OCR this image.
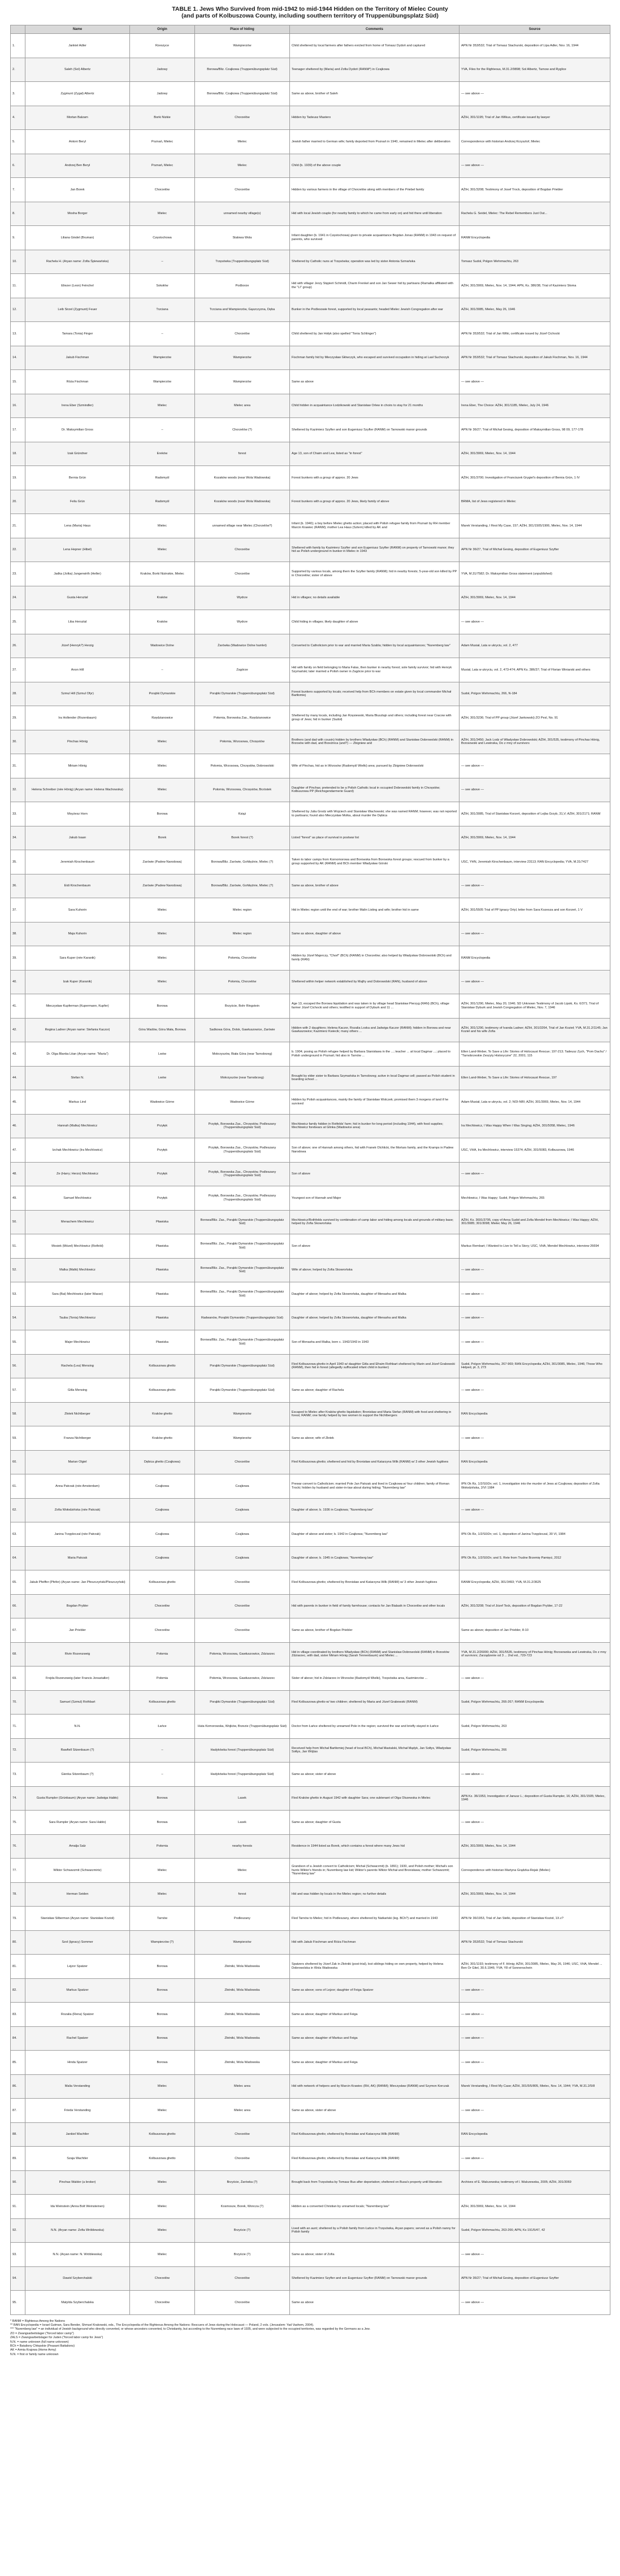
TABLE 1. Jews Who Survived from mid-1942 to mid-1944 Hidden on the Territory of Mielec County
(and parts of Kolbuszowa County, including southern territory of Truppenübungsplatz Süd)
	Name	Origin	Place of hiding	Comments	Source
1.	Jankiel Adler	Rzeszyce	Wampierzów	Child sheltered by local farmers after fathers evicted from home of Tomasz Dydoń and captured	APN Nr 353/532; Trial of Tomasz Stachurski, deposition of Lipa Adler, Nov. 16, 1944
2.	Saleh (Sol) Albertz	Jadowy	Borowa/Bliz. Czajkowa (Truppenübungsplatz Süd)	Teenager sheltered by (Maria) and Zofia Dydoń (RANM*) in Czajkowa	YVA, Files for the Righteous, M.31.2/9898; Sol Albertz, Tarnow and Ryglice
3.	Zygmunt (Zygal) Albertz	Jadowy	Borowa/Bliz. Czajkowa (Truppenübungsplatz Süd)	Same as above, brother of Saleh	— see above —
4.	Mortan Balzam	Borki Nizkie	Chorzelów	Hidden by Tadeusz Mastero	AŻIH, 301/1195; Trial of Jan Wilkus, certificate issued by lawyer
5.	Antoni Beryl	Poznań, Mielec	Mielec	Jewish father married to German wife; family deported from Poznań in 1940, remained in Mielec after deliberation	Correspondence with historian Andrzej Krzysztof, Mielec
6.	Andrzej Ben Beryl	Poznań, Mielec	Mielec	Child (b. 1939) of the above couple	— see above —
7.	Jan Borek	Chorzelów	Chorzelów	Hidden by various farmers in the village of Chorzelów along with members of the Priebel family	AŻIH, 301/3208; Testimony of Josef Trock, deposition of Bogdan Priebler
8.	Mosha Borger	Mielec	unnamed nearby village(s)	Hid with local Jewish couple (for nearby family to which he came from early on) and hid there until liberation	Rachela G. Seidel, Mielec: The Rebel Remembers Just Out...
9.	Liliana Gindel (Bruman)	Częstochowa	Stalowa Wola	Infant daughter (b. 1941 in Częstochowa) given to private acquaintance Bogdan Jonas (RANM) in 1943 on request of parents, who survived	RANM Encyclopedia
10.	Rachela H. (Aryan name: Zofia Śpiewańska)	–	Trzęsówka (Truppenübungsplatz Süd)	Sheltered by Catholic nuns at Trzęsówka; operation was led by sister Antonia Szmańska	Tomasz Sudoł, Polgon Wehrmachtu, 263
11.	Eliezer (Leon) Feinchel	Sokołów	Podborze	Hid with villager Jerzy Stępień Schmidt, Charm Frenkel and son Jan Sewer hid by partisans (Ramalka affiliated with the "LI" group)	AŻIH, 301/3069, Mielec, Nov. 14, 1944; APN, Ks. 386/38, Trial of Kazimierz Słoma
12.	Leib Sirzel (Zygmunt) Feuer	Trzciana	Trzciana and Wampierzów, Gąszczyzna, Dęba	Bunker in the Podlesowie forest, supported by local peasants; headed Mielec Jewish Congregation after war	AŻIH, 301/3085, Mielec, May 26, 1946
13.	Tamara (Tonia) Finger	–	Chorzelów	Child sheltered by Jan Hołyk (also spelled "Tonia Schlinger")	APN Nr 353/532; Trial of Jan Wilki, certificate issued by Józef Cichocki
14.	Jakub Fischman	Wampierzów	Wampierzów	Fischman family hid by Mieczysław Główczyk, who escaped and survived occupation in hiding at Lasł Suchorzyk	APN Nr 353/532; Trial of Tomasz Stachurski, deposition of Jakub Fischman, Nov. 16, 1944
15.	Róża Fischman	Wampierzów	Wampierzów	Same as above	— see above —
16.	Irena Eber (Szmindler)	Mielec	Mielec area	Child hidden in acquaintance Łodzikowski and Stanisław Orlew in choirs to stay for 21 months	Irena Eber, The Choice: AŻIH, 301/1185, Mielec, July 24, 1946
17.	Dr. Maksymilian Gross	–	Chorzelów (?)	Sheltered by Kazimierz Szyfter and son Eugeniusz Szyfter (RANM) on Tarnowski manor grounds	APN Nr 36/27; Trial of Michał Gesing, deposition of Maksymilian Gross, 98 09, 177-178
18.	Izak Gründner	Ereków	forest	Age 13, son of Chaim and Lea; listed as "in forest"	AŻIH, 301/3069, Mielec, Nov. 14, 1944
19.	Bernia Grün	Radomyśl	Kozaków woods (near Wola Wadowska)	Forest bunkers with a group of approx. 20 Jews	AŻIH, 301/3700; Investigation of Franciszek Grygiel's deposition of Bernia Grün, 1 IV
20.	Feliu Grün	Radomyśl	Kozaków woods (near Wola Wadowska)	Forest bunkers with a group of approx. 20 Jews, likely family of above	BRMA, list of Jews registered in Mielec
21.	Lena (Maria) Haus	Mielec	unnamed village near Mielec (Chorzelów?)	Infant (b. 1940); a boy before Mielec ghetto action; placed with Polish refugee family from Poznań by RH member Marcin Krawiec (RANM); mother Lea Haus (Sztern) killed by AK and	Marek Verstanding, I Rest My Case, 157; AŻIH, 301/1505/1906, Mielec, Nov. 14, 1944
22.	Lena Hepner (Hibel)	Mielec	Chorzelów	Sheltered with family by Kazimierz Szyfter and son Eugeniusz Szyfter (RANM) on property of Tarnowski manor; they hid as Polish underground in bunker in Mielec in 1943	APN Nr 36/27, Trial of Michał Gesing, deposition of Eugeniusz Szyfter
23.	Jadka (Jolka) Jungerwirth (Heller)	Kraków, Borki Nizinskie, Mielec	Chorzelów	Supported by various locals, among them the Szyfter family (RANM); hid in nearby forests; 5-year-old son killed by PP in Chorzelów; sister of above	YVA, M.31/7582; Dr. Maksymilian Gross statement (unpublished)
24.	Gusta Hersztal	Kraków	Wydrze	Hid in villages; no details available	AŻIH, 301/3069, Mielec, Nov. 14, 1944
25.	Liba Hersztal	Kraków	Wydrze	Child hiding in villages; likely daughter of above	— see above —
26.	Józef (Henryk?) Herzig	Wadowice Dolne	Żarówka (Wadowice Dolne hamlet)	Converted to Catholicism prior to war and married Maria Szabla; hidden by local acquaintances; "Nuremberg law"	Adam Musiał, Lata w ukryciu, vol. 2, 477
27.	Anon Hill	–	Zagórze	Hid with family on field belonging to Maria Falas, then bunker in nearby forest; sole family survivor; hid with Henryk Szymański; later married a Polish owner in Zagórze prior to war	Musiał, Lata w ukryciu, vol. 2, 473-474; APN Ks. 386/37; Trial of Florian Winiarski and others
28.	Szmul Hill (Szmul Ofyr)	Porąbki Dymarskie	Porąbki Dymarskie (Truppenübungsplatz Süd)	Forest bunkers supported by locals; received help from BCh members on estate given by local commander Michał Bartłomiej	Sudoł, Polgon Wehrmachtu, 266, N-184
29.	Ira Hollender (Rozenbaum)	Rzędzianowice	Połomia, Borowska Zas., Rzędzianowice	Sheltered by many locals, including Jan Rzęsiewski, Maria Blusztajn and others; including forest near Cracow with group of Jews; hid in bunker (Sudoł)	AŻIH, 301/3236; Trial of PP group (Józef Jankowski) ZO Pesl, No. 91
30.	Pinchas Hönig	Mielec	Połomia, Wrzosowa, Chrzęstów	Brothers (and dad with cousin) hidden by brothers Władysław (BCh) (RANM) and Stanisław Dobrowolski (RANM) in Brzosów with dad, and Brzeźnica (and?) — Zbigniew and	AŻIH, 301/3450; Jack Lodz of Władysław Dobrowolski; AŻIH, 301/535, testimony of Pinchas Hönig, Brzosowski and Lewinska, Do z mny of survivors
31.	Miriam Hönig	Mielec	Połomia, Wrzosowa, Chrzęstów, Dobrowolski	Wife of Pinchas, hid as in Wrzosów (Radomyśl Wielki) area; pursued by Zbigniew Dobrowolski	— see above —
32.	Helena Schreiber (née Hönig) (Aryan name: Helena Wachowska)	Mielec	Połomia, Wrzosowa, Chrzęstów, Brzóstek	Daughter of Pinchas; pretended to be a Polish Catholic local in occupied Dobrowolski family in Chrzęstów; Kolbuszowa PP (Reichsgendarmerie Guard)	— see above —
33.	Moyżesz Horn	Borowa	Książ	Sheltered by Julia Grodz with Wojciech and Stanisław Wachowski; she was named RANM; however, was not reported to partisans; found also Mieczysław Molka, about murder the Dębica	AŻIH, 301/3085, Trial of Stanisław Korzeń, deposition of Lejba Grzyb, 31,V; AŻIH, 301/2171; RANM
34.	Jakub Isaan	Borek	Borek forest (?)	Listed "forest" as place of survival in postwar list	AŻIH, 301/3069, Mielec, Nov. 14, 1944
35.	Jeremiah Kirschenbaum	Zarówie (Padew Narodowa)	Borowa/Bliz. Zarówie, Gohlięźnie, Mielec (?)	Taken to labor camps from Kornomorowa and Borowska from Borowska forest groups; rescued from bunker by a group supported by AK (RANM) and BCh member Władysław Górski	USC, YHN, Jeremiah Kirschenbaum, interview 23113; RAN Encyclopedia; YVA, M.31/7427
36.	Eidi Kirschenbaum	Zarówie (Padew Narodowa)	Borowa/Bliz. Zarówie, Gohlięźnie, Mielec (?)	Same as above, brother of above	— see above —
37.	Sara Kuhorin	Mielec	Mielec region	Hid in Mielec region until the end of war; brother Malin Listing and wife; brother hid in same	AŻIH, 301/5505 Trial of PP Ignacy Ortyl, letter from Sara Kozesza and son Korzeń, 1 V
38.	Maja Kuhorin	Mielec	Mielec region	Same as above, daughter of above	— see above —
39.	Sara Kuper (née Karanik)	Mielec	Połomia, Chorzelów	Hidden by Józef Majerczy, "Chorf" (BCh) (RANM) in Chorzelów; also helped by Władysław Dobrowolski (BCh) and family (RAN)	RANM Encyclopedia
40.	Izak Kuper (Karanik)	Mielec	Połomia, Chorzelów	Sheltered within helper network established by Majfry and Dobrowolski (RAN), husband of above	— see above —
41.	Mieczysław Kupferman (Kupermann, Kupfer)	Borowa	Brzyście, Bohr Ringstein	Age 13, escaped the Borowa liquidation and was taken in by village head Stanisław Pierzyg (RAN) (BCh), village farmer Józef Cichocki and others; testified in support of Dyburk and 11 ...	AŻIH, 301/1290, Mielec, May 20, 1946; SD Unknown Testimony of Jacob Lipski, Ks. 6/371; Trial of Stanisław Dyburk and Jewish Congregation of Mielec, Nov. 7, 1946
42.	Regina Ladner (Aryan name: Stefania Kaczor)	Góra Wadów, Góra Mała, Borowa	Sadkowa Góra, Dolsk, Gawłuszowice, Zarówie	Hidden with 2 daughters; Helena Kaczor, Rozalia Loska and Jadwiga Kaczor (RANM); hidden in Borowa and near Gawłuszowice; Kazimierz Kwiecik; many others ...	AŻIH, 301/1290, testimony of Ivanda Ladner; AŻIH, 301/3264, Trial of Jan Kozieł; YVA, M.31.2/1145; Jan Koziel and his wife Zofia
43.	Dr. Olga Blanka Litan (Aryan name: "Maria")	Lwów	Mokrzyszów, Biała Góra (near Tarnobrzeg)	b. 1904; posing as Polish refugee helped by Barbara Stanisława in the ...; teacher ... at local Dagmar ...; placed to Polish underground in Poznań; hid also in Tarnów ...	Ellen Land-Weber, To Save a Life: Stories of Holocaust Rescue; 197-213; Tadeusz Zych, "Pom Dachu" / "Tarnobrzeskie Zeszyty Historyczne" 22, 2001; 115
44.	Stefan N.	Lwów	Mokrzyszów (near Tarnobrzeg)	Brought by elder sister to Barbara Szymańska in Tarnobrzeg; active in local Dagmar cell; passed as Polish student in boarding school ...	Ellen Land-Weber, To Save a Life: Stories of Holocaust Rescue, 197
45.	Markus Lind	Wadowice Górne	Wadowice Górne	Hidden by Polish acquaintances, mainly the family of Stanisław Wolczek; promised them 3 morgens of land if he survived	Adam Musiał, Lata w ukryciu, vol. 2; NOI-NRI; AŻIH, 301/3069, Mielec, Nov. 14, 1944
46.	Hannah (Malka) Mechlowicz	Przyłęk	Przyłęk, Borowska Zas., Chrzęstów, Podleszany (Truppenübungsplatz Süd)	Mechlowicz family hidden in Rotfelds' farm; hid in bunker for long period (including 1944), with food supplies; Mechlowicz forebears at Glinka (Wadowice area)	Ira Mechlowicz, I Was Happy When I Was Singing; AŻIH, 301/5058, Mielec, 1946
47.	Izchak Mechlowicz (Ira Mechlowicz)	Przyłęk	Przyłęk, Borowska Zas., Chrzęstów, Podleszany (Truppenübungsplatz Süd)	Son of above; one of Hannah among others, hid with Franek Olchlicki, the Mortars family, and the Kramps in Padew Narodowa	USC, VHA, Ira Mechlowicz, interview 15374; AŻIH, 301/5083, Kolbuszowa, 1946
48.	Ze (Harry; Herzo) Mechlowicz	Przyłęk	Przyłęk, Borowska Zas., Chrzęstów, Podleszany (Truppenübungsplatz Süd)	Son of above	— see above —
49.	Samuel Mechlowicz	Przyłęk	Przyłęk, Borowska Zas., Chrzęstów, Podleszany (Truppenübungsplatz Süd)	Youngest son of Hannah and Majer	Mechlowicz, I Was Happy; Sudoł, Polgon Wehrmachtu, 265
50.	Menachem Mechlowicz	Pławiska	Borowa/Bliz. Zas., Porąbki Dymarskie (Truppenübungsplatz Süd)	Mechlowicz/Rothfelds survived by combination of camp labor and hiding among locals and grounds of military base; helped by Zofia Skowrońska	AŻIH, Ks. 3691/3795, copy of Anna Sudoł and Zofia Mendel from Mechlowicz; I Was Happy; AŻIH, 301/3085; 301/3098; Mielec May 26, 1946
51.	Mosiek (Mózel) Mechlowicz (Rotfeld)	Pławiska	Borowa/Bliz. Zas., Porąbki Dymarskie (Truppenübungsplatz Süd)	Son of above	Markus Rembart; I Wanted to Live to Tell a Story; USC, VHA, Mendel Mechlowicz, interview 26694
52.	Malka (Malki) Mechlowicz	Pławiska	Borowa/Bliz. Zas., Porąbki Dymarskie (Truppenübungsplatz Süd)	Wife of above; helped by Zofia Skowrońska	— see above —
53.	Sara (Bai) Mechlowicz (later Wasse)	Pławiska	Borowa/Bliz. Zas., Porąbki Dymarskie (Truppenübungsplatz Süd)	Daughter of above; helped by Zofia Skowrońska, daughter of Menasha and Malka	— see above —
54.	Tauba (Tonia) Mechlowicz	Pławiska	Radwanów, Porąbki Dymarskie (Truppenübungsplatz Süd)	Daughter of above; helped by Zofia Skowrońska, daughter of Menasha and Malka	— see above —
55.	Majer Mechlowicz	Pławiska	Borowa/Bliz. Zas., Porąbki Dymarskie (Truppenübungsplatz Süd)	Son of Menasha and Malka, born c. 1942/1943 in 1943	— see above —
56.	Rachela (Lea) Mensing	Kolbuszowa ghetto	Porąbki Dymarskie (Truppenübungsplatz Süd)	Fled Kolbuszowa ghetto in April 1943 w/ daughter Gitla and Efraim Rothbart sheltered by Marin and Józef Grabowski (RANM), then hid in forest (allegedly suffocated infant child in bunker)	Sudoł, Polgon Wehrmachtu, 267-969; RAN Encyclopedia; AŻIH, 301/3085, Mielec, 1946; Those Who Helped, pt. 3, 273
57.	Gitla Mensing	Kolbuszowa ghetto	Porąbki Dymarskie (Truppenübungsplatz Süd)	Same as above; daughter of Rachela	— see above —
58.	Złotek Nichtberger	Kraków ghetto	Wampierzów	Escaped to Mielec after Kraków ghetto liquidation; Bronisław and Maria Stefan (RANM) with food and sheltering in forest; RANM; one family helped by two women to support the Nichtbergers	RAN Encyclopedia
59.	Franza Nichtberger	Kraków ghetto	Wampierzów	Same as above; wife of Złotek	— see above —
60.	Marian Olgiel	Dębica ghetto (Czajkowa)	Chorzelów	Fled Kolbuszowa ghetto; sheltered and hid by Bronisław and Katarzyna Wilk (RANM) w/ 3 other Jewish fugitives	RAN Encyclopedia
61.	Anna Patrzak (née Amsterdam)	Czajkowa	Czajkowa	Prewar convert to Catholicism; married Pole Jan Patrzak and lived in Czajkowa w/ four children; family of Roman Trocki; hidden by husband and sister-in-law about during hiding; "Nuremberg law"	IPN Ok Rz, 1/2/S0/2n; vol. 1, investigation into the murder of Jews at Czajkowa; deposition of Zofia Wołodzińska, 2/VI 1984
62.	Zofia Wołodzińska (née Patrzak)	Czajkowa	Czajkowa	Daughter of above; b. 1936 in Czajkowa; "Nuremberg law"	— see above —
63.	Janina Trzępleczal (née Patrzak)	Czajkowa	Czajkowa	Daughter of above and sister; b. 1942 in Czajkowa; "Nuremberg law"	IPN Ok Rz, 1/2/S0/2n; vol. 1, deposition of Janina Trzępleczal, 30 VI, 1984
64.	Maria Patrzak	Czajkowa	Czajkowa	Daughter of above; b. 1945 in Czajkowa; "Nuremberg law"	IPN Ok Rz, 1/2/S0/2n; and S. Rete from Trudne Brzemię Pamięci, 2012
65.	Jakub Pfeiffer (Pfefer) (Aryan name: Jan Pfeszczyński/Pleszczyński)	Kolbuszowa ghetto	Chorzelów	Fled Kolbuszowa ghetto; sheltered by Bronisław and Katarzyna Wilk (RANM) w/ 3 other Jewish fugitives	RANM Encyclopedia; AŻIH, 301/3493; YVA, M.31.2/3625
66.	Bogdan Prybler	Chorzelów	Chorzelów	Hid with parents in bunker in field of family farmhouse; contacts for Jan Bialasik in Chorzelów and other locals	AŻIH, 301/3208; Trial of Józef Tock, deposition of Bogdan Prybler, 17-22
67.	Jan Priebler	Chorzelów	Chorzelów	Same as above, brother of Bogdan Priebler	Same as above; deposition of Jan Priebler, 8-10
68.	Rivin Rozenzweig	Połomia	Połomia, Wrzosowa, Gawłuszowice, Zdziarzec	Hid in village coordinated by brothers Władysław (BCh) (RANM) and Stanisław Dobrowolski (RANM) in Brzostów Zdziarzec, with dad, sister Miriam Hönig (Sarah Tennenbaum) and Mielec ...	YVA, M.31.2/26000; AŻIH, 301/5535, testimony of Pinchas Hönig; Brzosowska and Lewinska, Do z mny of survivors; Zarządzenie od 3 ... 2nd ed., 720-723
69.	Frejda Rozenzweig (later Francis Jonastaller)	Połomia	Połomia, Wrzosowa, Gawłuszowice, Zdziarzec	Sister of above; hid in Zdziarzec in Wrzosów (Radomyśl Wielki), Trzęsówka area, Kazimierzów ...	— see above —
70.	Samuel (Szmul) Rothbart	Kolbuszowa ghetto	Porąbki Dymarskie (Truppenübungsplatz Süd)	Fled Kolbuszowa ghetto w/ two children; sheltered by Maria and Józef Grabowski (RANM)	Sudoł, Polgon Wehrmachtu, 266-267; RANM Encyclopedia
71.	N.N.	Łańce	Huta Komorowska, Wojków, Brzezie (Truppenübungsplatz Süd)	Doctor from Łańce sheltered by unnamed Pole in the region; survived the war and briefly stayed in Łańce	Sudoł, Polgon Wehrmachtu, 263
72.	Rawfiell Sitzenbaum (?)	–	Hadykówka forest (Truppenübungsplatz Süd)	Received help from Michał Bartłomiej (head of local BCh), Michał Mastalski, Michał Mądyk, Jan Sołtys, Władysław Sołtys, Jan Wójtas	Sudoł, Polgon Wehrmachtu, 266
73.	Gienka Sitzenbaum (?)	–	Hadykówka forest (Truppenübungsplatz Süd)	Same as above; sister of above	— see above —
74.	Gusta Rumpler (Grünbaum) (Aryan name: Jadwiga Habło)	Borowa	Lasek	Fled Kraków ghetto in August 1942 with daughter Sara; one subtenant of Olga Olszewska in Mielec	APN Kz. 36/1953, Investigation of Janusz L.; deposition of Gusta Rumpler, 16; AŻIH, 301/1505; Mielec, 1946
75.	Sara Rumpler (Aryan name: Sara Habło)	Borowa	Lasek	Same as above; daughter of Gusta	— see above —
76.	Amalja Salz	Połomia	nearby forests	Residence in 1944 listed as Borek, which contains a forest where many Jews hid	AŻIH, 301/3069, Mielec, Nov. 14, 1944
77.	Wiktor Schwarzmit (Schwarzmirtz)	Mielec	Mielec	Grandson of a Jewish convert to Catholicism; Michał (Schwarzmit) (b. 1891); 1930, and Polish mother; Michał's son hunts Wiktor's friends in; Nuremberg law kid; Wiktor's parents Wiktor Michał and Bronisława; mother Schwarzmit; "Nuremberg law"	Correspondence with historian Martyna Grądzka-Rejak (Mielec)
78.	Herman Seiden	Mielec	forest	Hid and was hidden by locals in the Mielec region; no further details	AŻIH, 301/3069, Mielec, Nov. 14, 1944
79.	Stanisław Silberman (Aryan name: Stanisław Kozioł)	Tarnów	Podleszany	Fled Tarnów to Mielec; hid in Podleszany, where sheltered by Natkański (leg. BCh?) and married in 1943	APN Nr 36/1953, Trial of Jan Stelki, deposition of Stanisław Kozioł, 1X.v?
80.	Szol (Ignacy) Sommer	Wampierzów (?)	Wampierzów	Hid with Jakub Fischman and Róża Fischman	APN Nr 353/532; Trial of Tomasz Stachurski
81.	Lejzor Spatzer	Borowa	Złotniki, Wola Wadowska	Spatzers sheltered by Józef Zak in Złotniki (post-trial), lost siblings hiding on own property, helped by Helena Dobrowolska in Wola Wadowska	AŻIH, 301/1193; testimony of F. Hönig; AŻIH, 301/3085, Mielec, May 26, 1946; USC, VHA, Mendel ... Ben Or Gitel, 30.6.1946; YVA; Y8 of Sonnenschein
82.	Markus Spatzer	Borowa	Złotniki, Wola Wadowska	Same as above; sons of Lejzor; daughter of Feiga Spatzer	— see above —
83.	Rozalia (Rena) Spatzer	Borowa	Złotniki, Wola Wadowska	Same as above; daughter of Markus and Feiga	— see above —
84.	Rachel Spatzer	Borowa	Złotniki, Wola Wadowska	Same as above; daughter of Markus and Feiga	— see above —
85.	Hinda Spatzer	Borowa	Złotniki, Wola Wadowska	Same as above; daughter of Markus and Feiga	— see above —
86.	Malia Verstanding	Mielec	Mielec area	Hid with network of helpers and by Marcin Krawiec (RH, AK) (RANM); Mieczysław (RANM) and Szymon Korczak	Marek Verstanding, I Rest My Case; AŻIH, 301/5/5/805, Mielec, Nov. 14, 1944; YVA, M.31.2/5/8
87.	Frieda Verstanding	Mielec	Mielec area	Same as above, sister of above	— see above —
88.	Jankiel Wachtler	Kolbuszowa ghetto	Chorzelów	Fled Kolbuszowa ghetto; sheltered by Bronisław and Katarzyna Wilk (RANM)	RAN Encyclopedia
89.	Szaja Wachtler	Kolbuszowa ghetto	Chorzelów	Fled Kolbuszowa ghetto; sheltered by Bronisław and Katarzyna Wilk (RANM)	— see above —
90.	Pinchas Walder (a broker)	Mielec	Brzyście, Żarówka (?)	Brought back from Trzęsówka by Tomasz Bus after deportation; sheltered on Busa's property until liberation	Archives of E. Walczewska; testimony of I. Walczewska, 2005; AŻIH, 301/3069
91.	Ida Weinstein (Anna Bolt Weinsteinen)	Mielec	Kosmosze, Borek, Woncza (?)	Hidden as a converted Christian by unnamed locals; "Nuremberg law"	AŻIH, 301/3069, Mielec, Nov. 14, 1944
92.	N.N. (Aryan name: Zofia Wróblewska)	Mielec	Brzyście (?)	Lived with an aunt; sheltered by a Polish family from Łańce in Trzęsówka, Aryan papers; served as a Polish nanny for Polish family	Sudoł, Polgon Wehrmachtu, 263-266; APN, Ks 191/5/47, 42
93.	N.N. (Aryan name: N. Wróblewska)	Mielec	Brzyście (?)	Same as above; sister of Zofia	— see above —
94.	Dawid Szyberchalski	Chorzelów	Chorzelów	Sheltered by Kazimierz Szyfter and son Eugeniusz Szyfter (RANM) on Tarnowski manor grounds	APN Nr 36/27; Trial of Michał Gesing, deposition of Eugeniusz Szyfter
95.	Matylda Szyberchalska	Chorzelów	Chorzelów	Same as above	— see above —
* RANM = Righteous Among the Nations
** RAN Encyclopedia = Israel Gutman, Sara Bender, Shmuel Krakowski, eds., The Encyclopedia of the Righteous Among the Nations: Rescuers of Jews during the Holocaust — Poland, 2 vols. (Jerusalem: Yad Vashem, 2004).
*** "Nuremberg law" = an individual of Jewish background who directly converted, or whose ancestors converted, to Christianity, but according to the Nuremberg race laws of 1935, and were subjected to the occupied territories, was regarded by the Germans as a Jew.
ZO = Zwangsarbeitslager ("forced labor camp")
ZALS = Zwangsarbeitslager für Juden ("forced labor camp for Jews")
N.N. = name unknown (full name unknown)
BCh = Bataliony Chłopskie (Peasant Battalions)
AK = Armia Krajowa (Home Army)
N.N. = first or family name unknown
